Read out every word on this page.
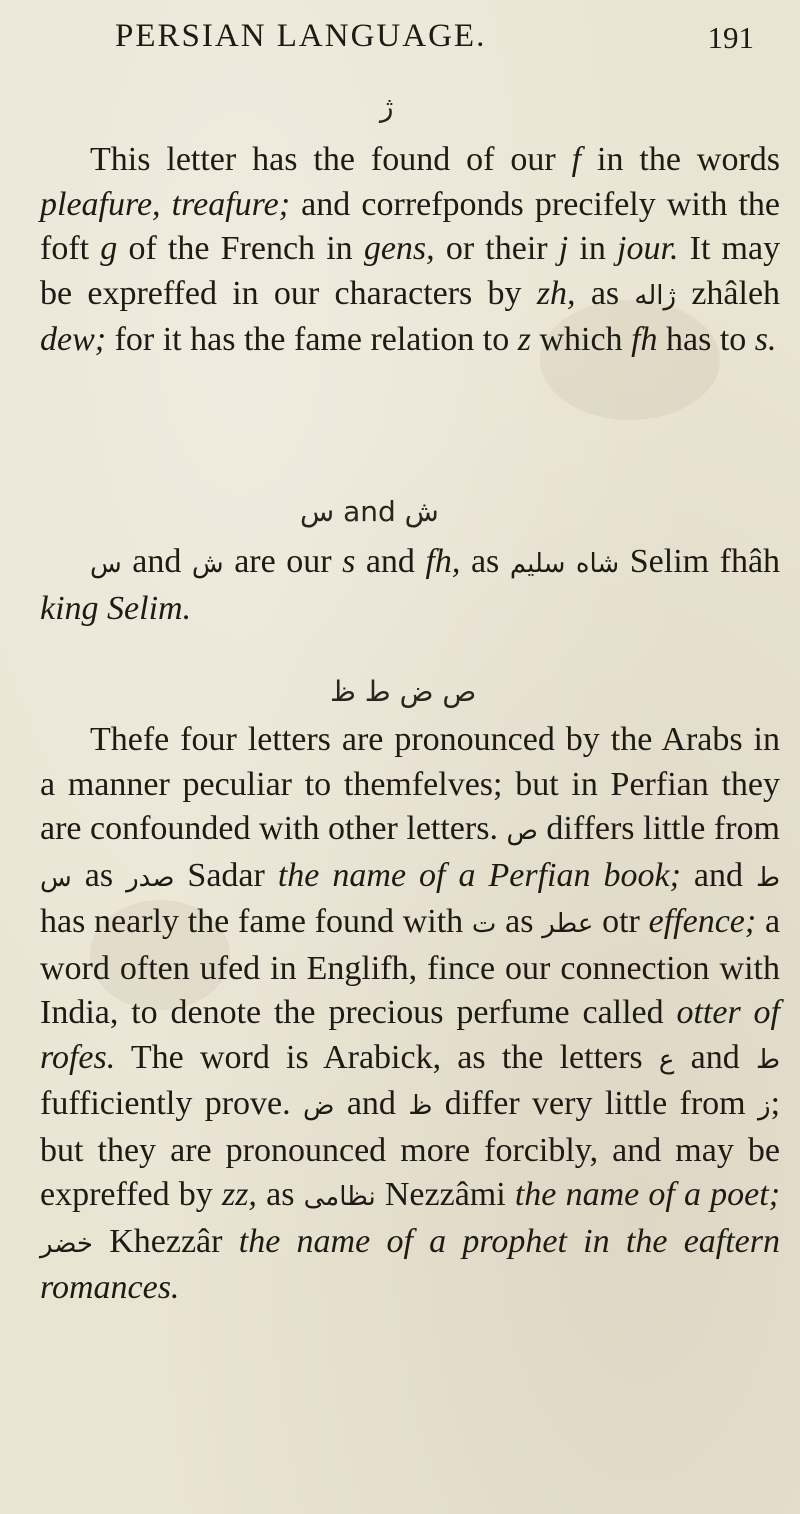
PERSIAN LANGUAGE.	191
ژ

This letter has the found of our f in the words pleafure, treafure; and correfponds precifely with the foft g of the French in gens, or their j in jour. It may be expreffed in our characters by zh, as ژاله zhâleh dew; for it has the fame relation to z which fh has to s.

س and ش

س and ش are our s and fh, as	شاه سلیم Selim fhâh king Selim.

ص ض ط ظ

Thefe four letters are pronounced by the Arabs in a manner peculiar to themfelves; but in Perfian they are confounded with other letters. ص differs little from س as صدر Sadar the name of a Perfian book; and ط has nearly the fame found with ت as عطر otr effence; a word often ufed in Englifh, fince our connection with India, to denote the precious perfume called otter of rofes. The word is Arabick, as the letters ع and ط fufficiently prove. ض and ظ differ very little from ز; but they are pronounced more forcibly, and may be expreffed by zz, as نظامی Nezzâmi the name of a poet; خضر Khezzâr the name of a prophet in the eaftern romances.
